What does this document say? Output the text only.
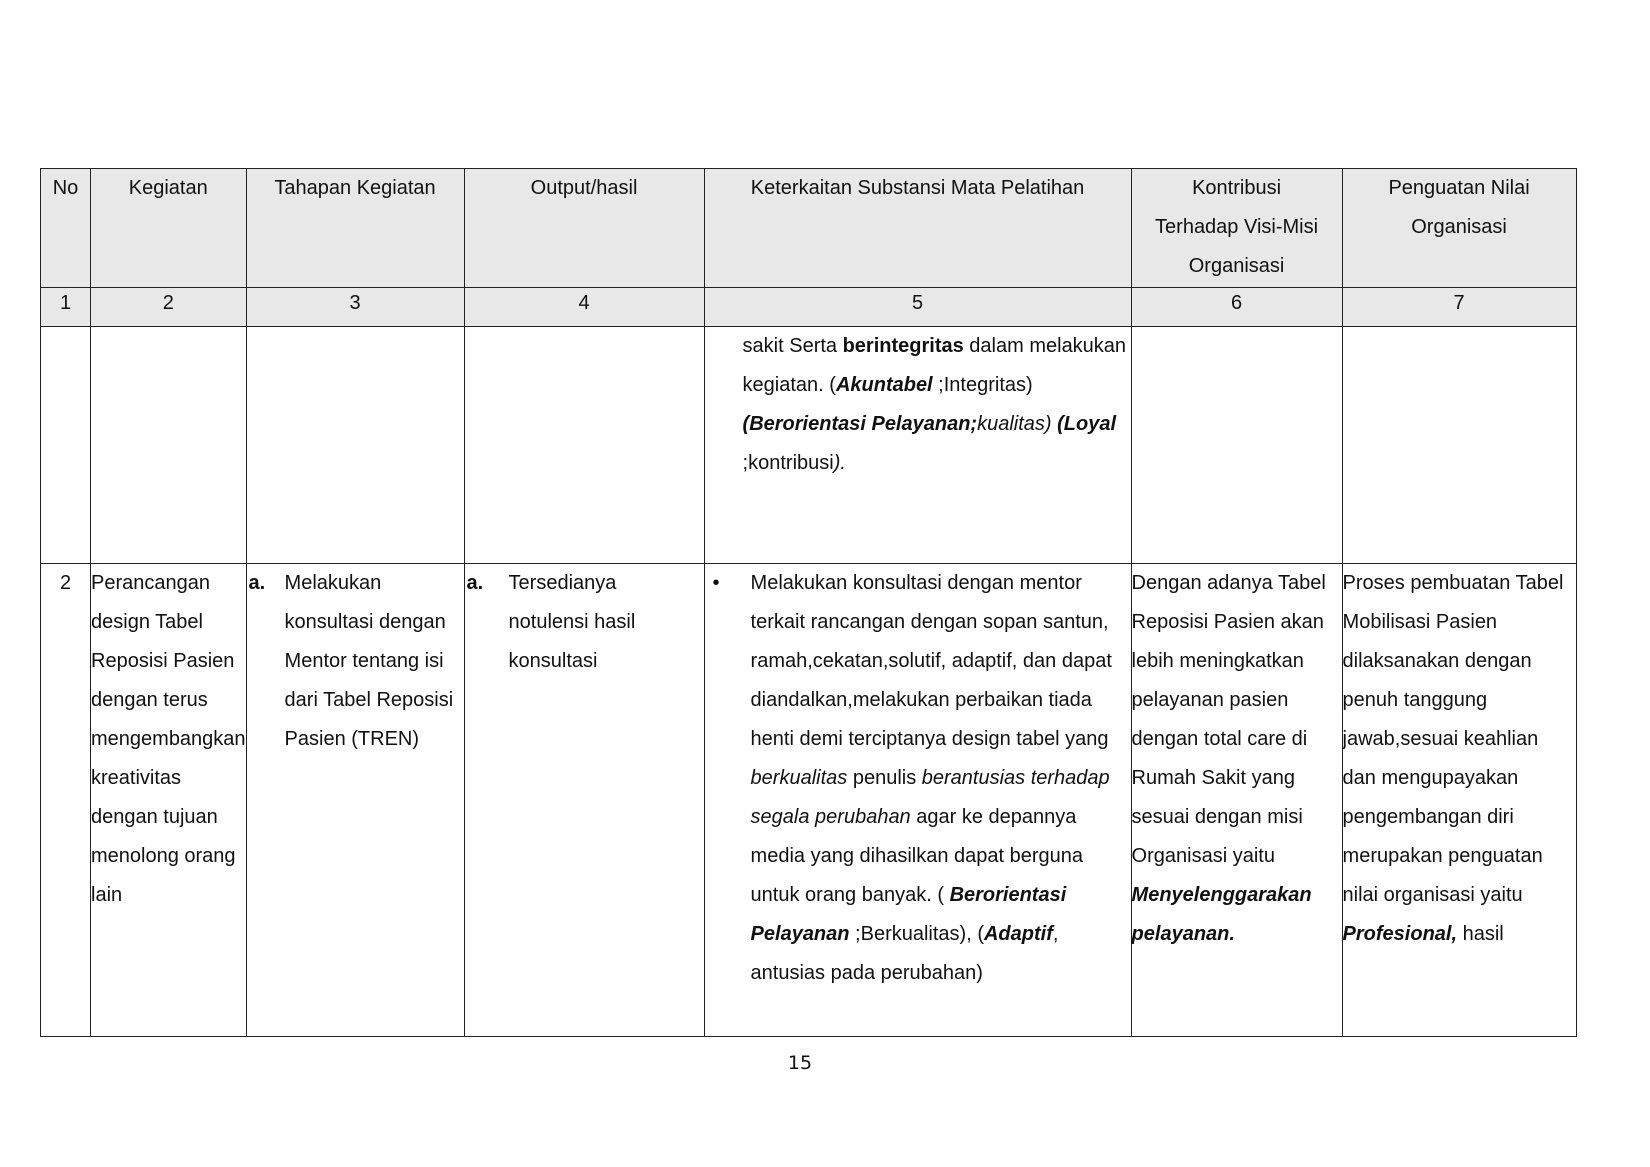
No	Kegiatan	Tahapan Kegiatan	Output/hasil	Keterkaitan Substansi Mata Pelatihan	Kontribusi Terhadap Visi-Misi Organisasi	Penguatan Nilai Organisasi
1	2	3	4	5	6	7

				sakit Serta berintegritas dalam melakukan kegiatan. (Akuntabel ;Integritas) (Berorientasi Pelayanan;kualitas) (Loyal ;kontribusi).		

2	Perancangan design Tabel Reposisi Pasien dengan terus mengembangkan kreativitas dengan tujuan menolong orang lain	a. Melakukan konsultasi dengan Mentor tentang isi dari Tabel Reposisi Pasien (TREN)	a. Tersedianya notulensi hasil konsultasi	• Melakukan konsultasi dengan mentor terkait rancangan dengan sopan santun, ramah,cekatan,solutif, adaptif, dan dapat diandalkan,melakukan perbaikan tiada henti demi terciptanya design tabel yang berkualitas penulis berantusias terhadap segala perubahan agar ke depannya media yang dihasilkan dapat berguna untuk orang banyak. ( Berorientasi Pelayanan ;Berkualitas), (Adaptif, antusias pada perubahan)	Dengan adanya Tabel Reposisi Pasien akan lebih meningkatkan pelayanan pasien dengan total care di Rumah Sakit yang sesuai dengan misi Organisasi yaitu Menyelenggarakan pelayanan.	Proses pembuatan Tabel Mobilisasi Pasien dilaksanakan dengan penuh tanggung jawab,sesuai keahlian dan mengupayakan pengembangan diri merupakan penguatan nilai organisasi yaitu Profesional, hasil
15
